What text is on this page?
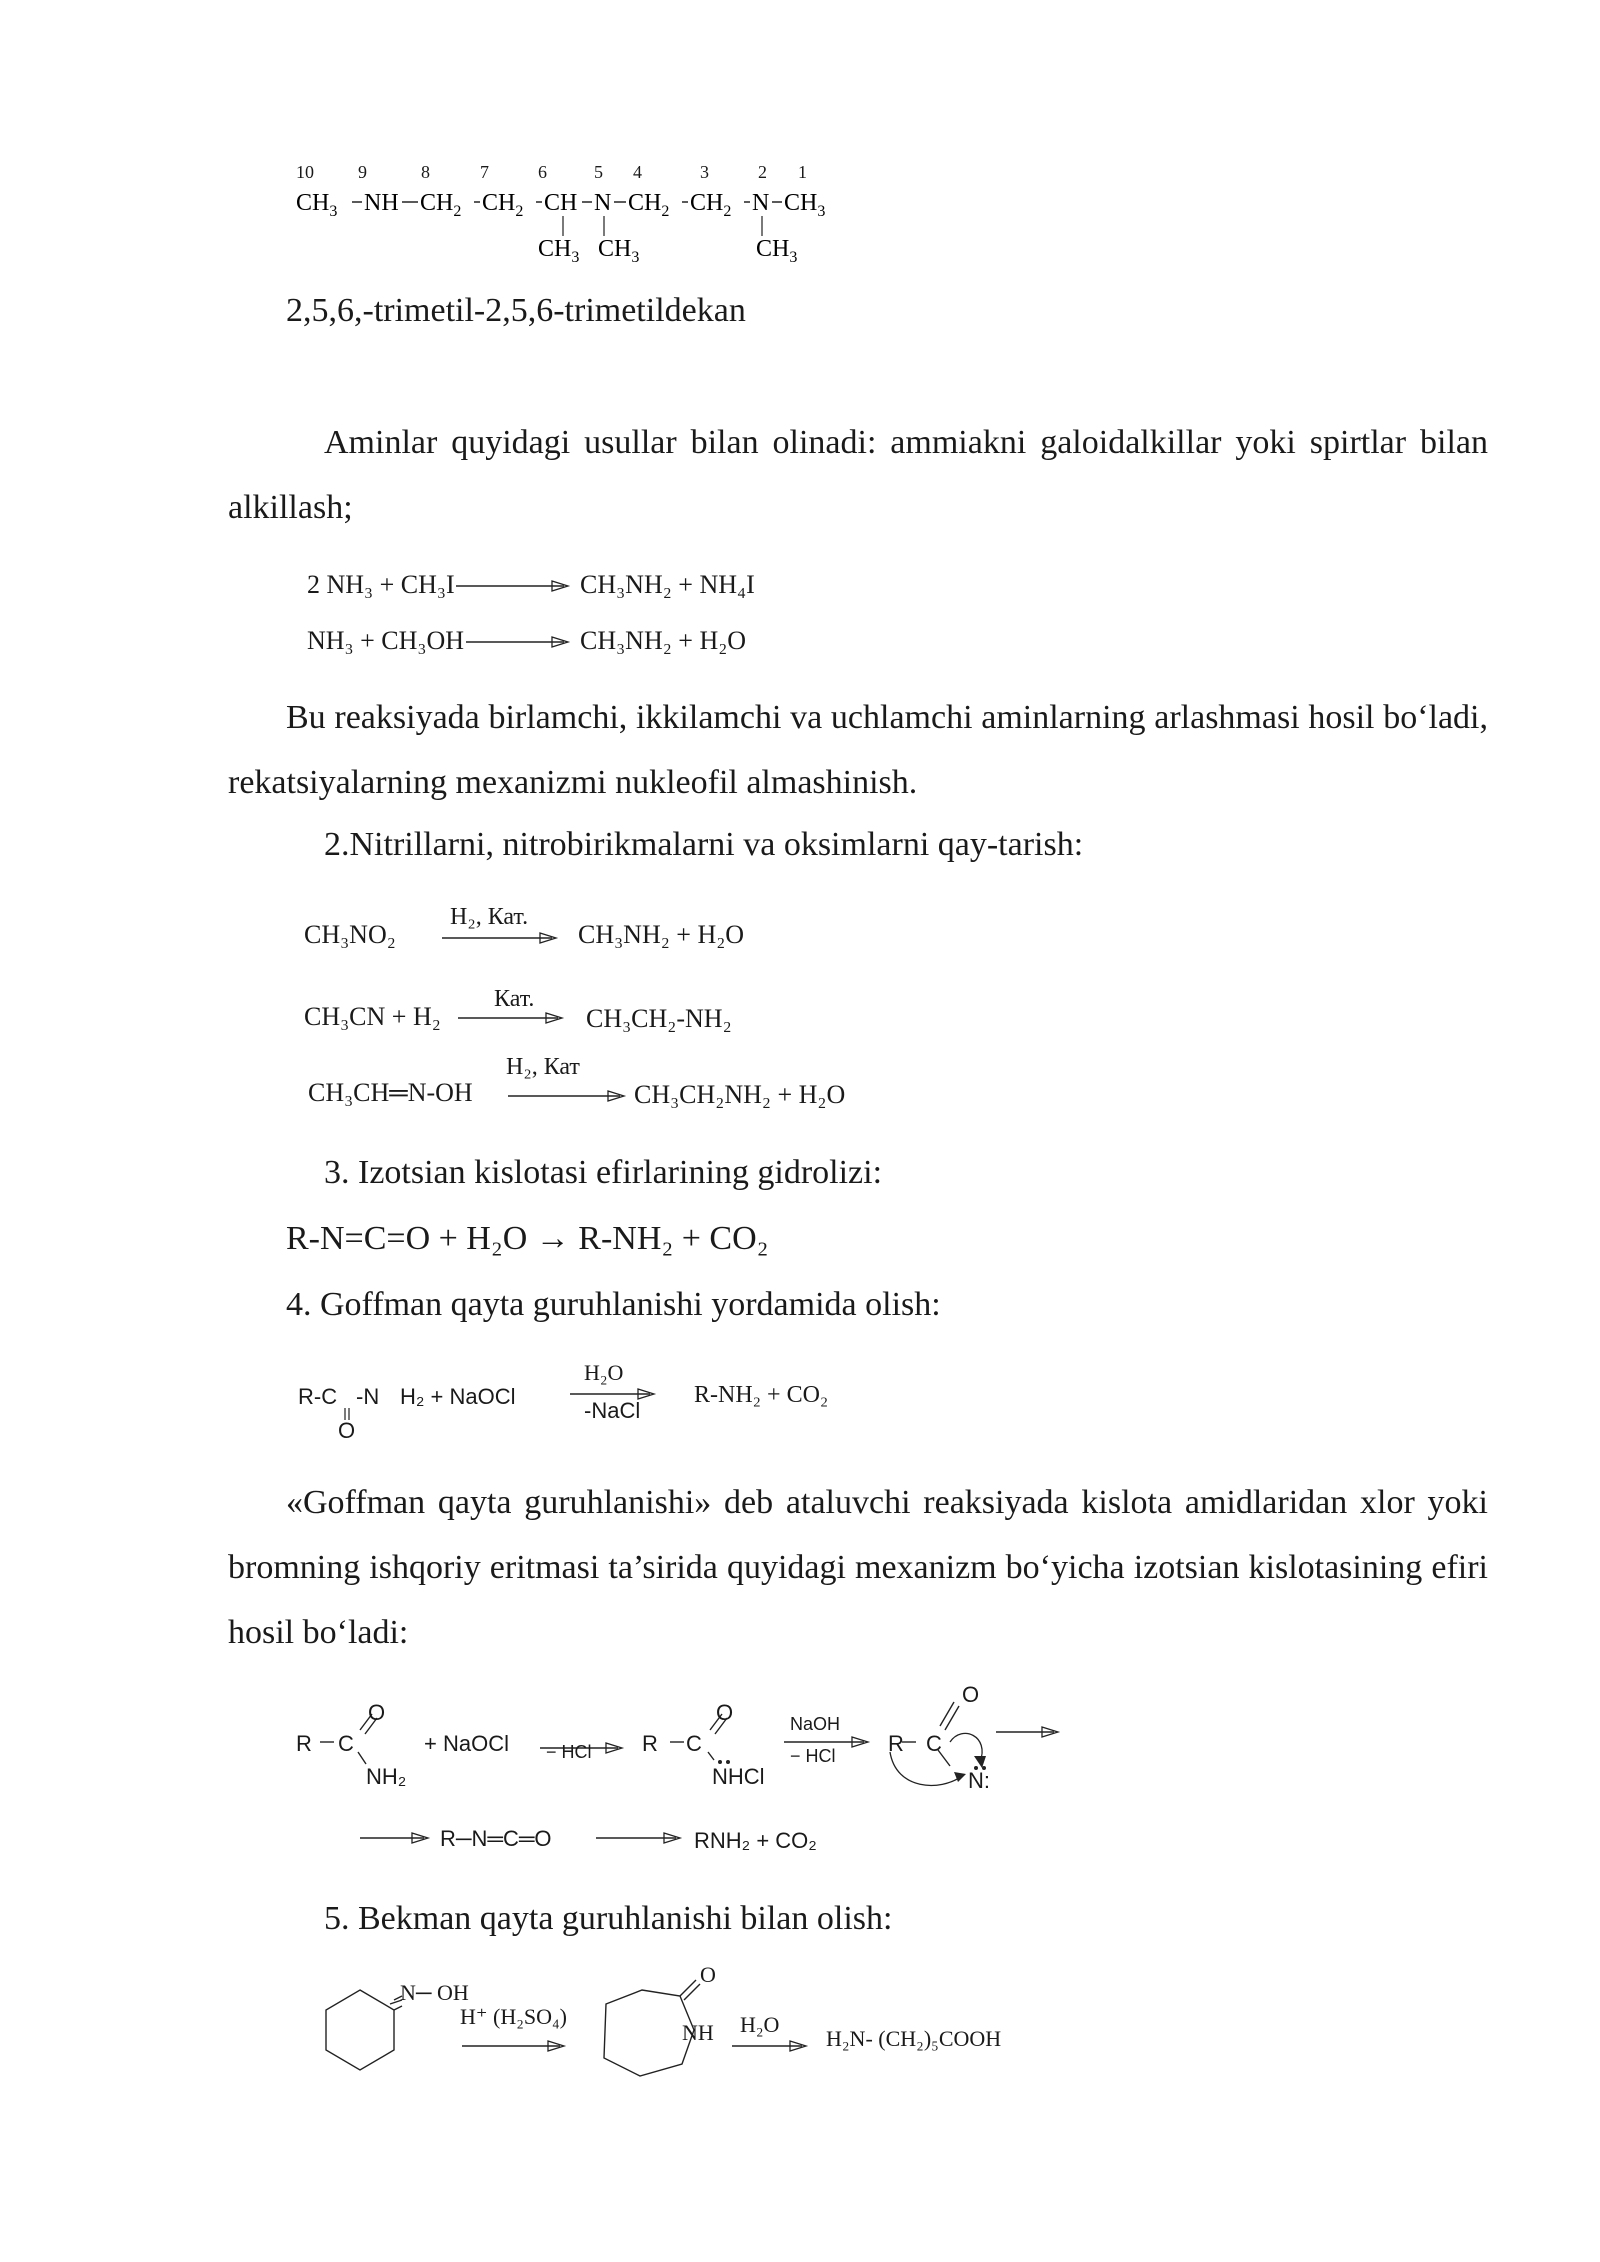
10 9	8	7	6	5 4	3	2 1
$CH_3$ NH $CH_2$ $CH_2$ CH N $CH_2$ $CH_2$ N $CH_3$
$CH_3$ $CH_3$	$CH_3$
2,5,6,-trimetil-2,5,6-trimetildekan
Aminlar quyidagi usullar bilan olinadi: ammiakni galoidalkillar yoki spirtlar bilan alkillash;
2 NH₃ + CH₃I	CH₃NH₂ + NH₄I
NH₃ + CH₃OH	CH₃NH₂ + H₂O
Bu reaksiyada birlamchi, ikkilamchi va uchlamchi aminlarning arlashmasi hosil bo‘ladi, rekatsiyalarning mexanizmi nukleofil almashinish.
2.Nitrillarni, nitrobirikmalarni va oksimlarni qay-tarish:
CH₃NO₂
H₂, Кат.
CH₃NH₂ + H₂O
CH₃CN + H₂
Кат.
CH₃CH₂-NH₂
CH₃CH═N-OH
H₂, Кат
CH₃CH₂NH₂ + H₂O
3. Izotsian kislotasi efirlarining gidrolizi:
R-N=C=O + H₂O → R-NH₂ + CO₂
4. Goffman qayta guruhlanishi yordamida olish:
R-C -N
O
H₂ + NaOCl
H₂O
-NaCl
R-NH₂ + CO₂
«Goffman qayta guruhlanishi» deb ataluvchi reaksiyada kislota amidlaridan xlor yoki bromning ishqoriy eritmasi ta’sirida quyidagi mexanizm bo‘yicha izotsian kislotasining efiri hosil bo‘ladi:
R C
O
NH₂
+ NaOCl − HCl R C
O
NHCl
NaOH
− HCl R C
O
N:
R─N═C═O	RNH₂ + CO₂
5. Bekman qayta guruhlanishi bilan olish:
N─ OH
H⁺ (H₂SO₄)
O
NH H₂O
H₂N- (CH₂)₅COOH
